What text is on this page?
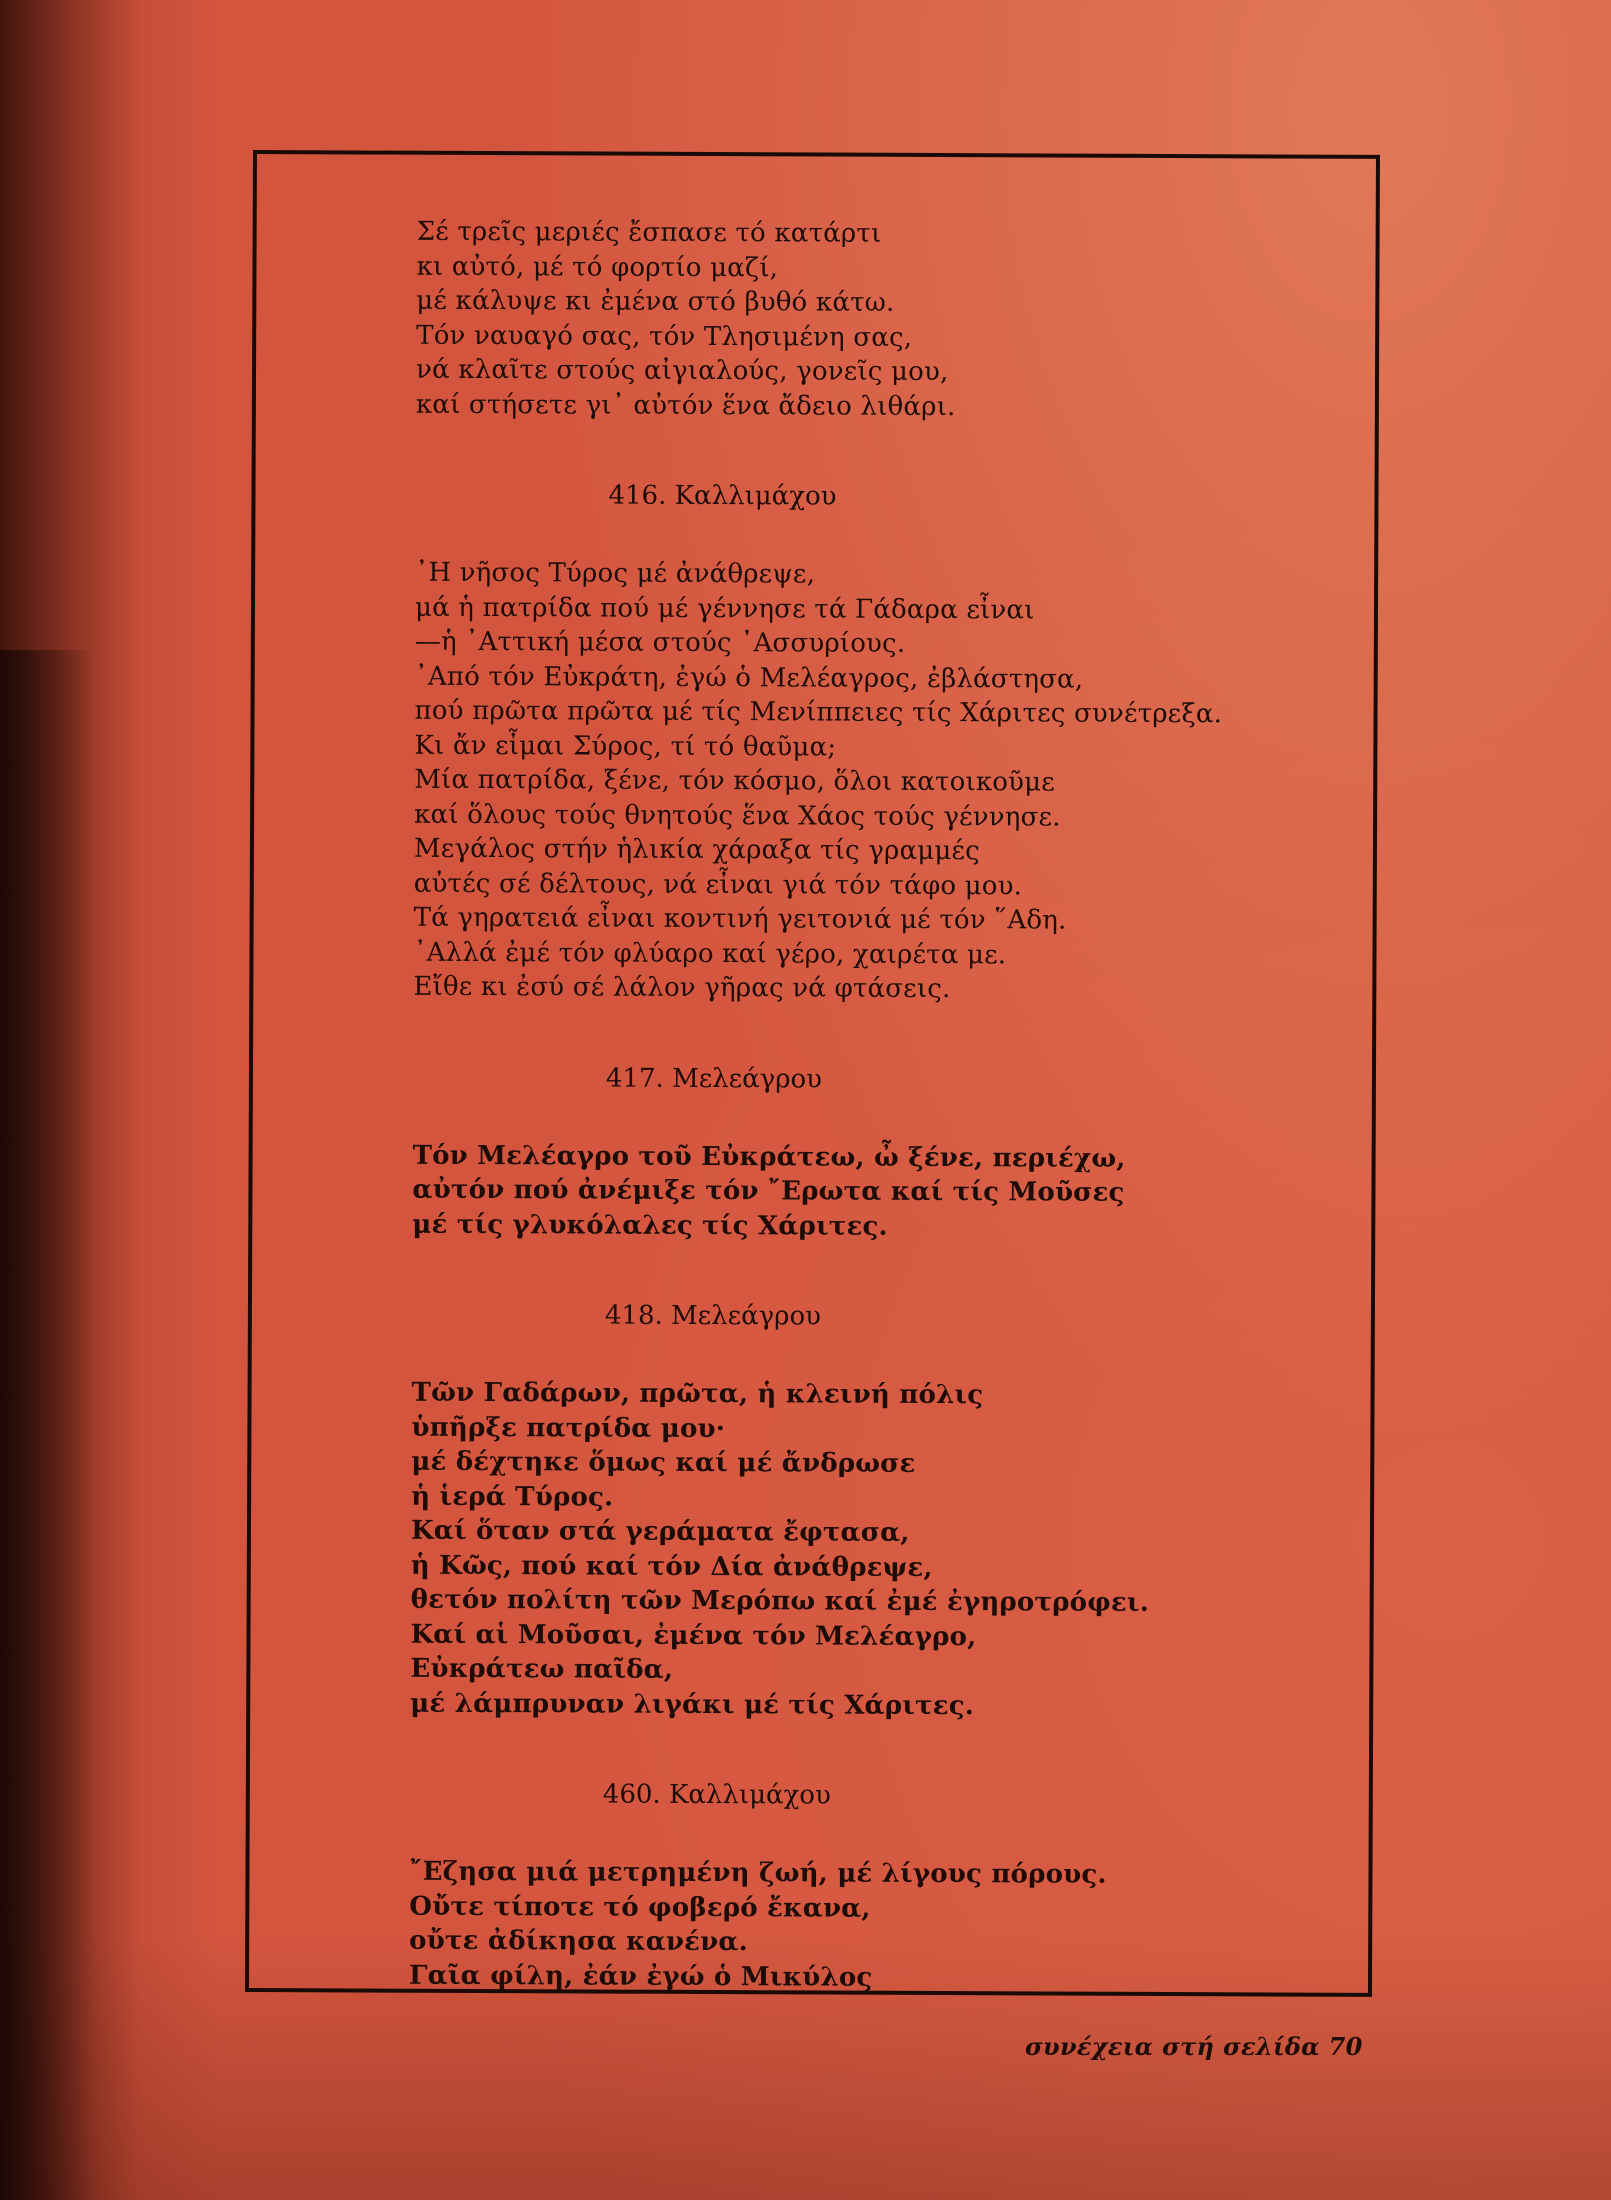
Σέ τρεῖς μεριές ἔσπασε τό κατάρτι
κι αὐτό, μέ τό φορτίο μαζί,
μέ κάλυψε κι ἐμένα στό βυθό κάτω.
Τόν ναυαγό σας, τόν Τλησιμένη σας,
νά κλαῖτε στούς αἰγιαλούς, γονεῖς μου,
καί στήσετε γι᾽ αὐτόν ἕνα ἄδειο λιθάρι.
416. Καλλιμάχου
᾽Η νῆσος Τύρος μέ ἀνάθρεψε,
μά ἡ πατρίδα πού μέ γέννησε τά Γάδαρα εἶναι
—ἡ ᾽Αττική μέσα στούς ᾽Ασσυρίους.
᾽Από τόν Εὐκράτη, ἐγώ ὁ Μελέαγρος, ἐβλάστησα,
πού πρῶτα πρῶτα μέ τίς Μενίππειες τίς Χάριτες συνέτρεξα.
Κι ἄν εἶμαι Σύρος, τί τό θαῦμα;
Μία πατρίδα, ξένε, τόν κόσμο, ὅλοι κατοικοῦμε
καί ὅλους τούς θνητούς ἕνα Χάος τούς γέννησε.
Μεγάλος στήν ἡλικία χάραξα τίς γραμμές
αὐτές σέ δέλτους, νά εἶναι γιά τόν τάφο μου.
Τά γηρατειά εἶναι κοντινή γειτονιά μέ τόν ῞Αδη.
᾽Αλλά ἐμέ τόν φλύαρο καί γέρο, χαιρέτα με.
Εἴθε κι ἐσύ σέ λάλον γῆρας νά φτάσεις.
417. Μελεάγρου
Τόν Μελέαγρο τοῦ Εὐκράτεω, ὦ ξένε, περιέχω,
αὐτόν πού ἀνέμιξε τόν ῎Ερωτα καί τίς Μοῦσες
μέ τίς γλυκόλαλες τίς Χάριτες.
418. Μελεάγρου
Τῶν Γαδάρων, πρῶτα, ἡ κλεινή πόλις
ὑπῆρξε πατρίδα μου·
μέ δέχτηκε ὅμως καί μέ ἄνδρωσε
ἡ ἱερά Τύρος.
Καί ὅταν στά γεράματα ἔφτασα,
ἡ Κῶς, πού καί τόν Δία ἀνάθρεψε,
θετόν πολίτη τῶν Μερόπω καί ἐμέ ἐγηροτρόφει.
Καί αἱ Μοῦσαι, ἐμένα τόν Μελέαγρο,
Εὐκράτεω παῖδα,
μέ λάμπρυναν λιγάκι μέ τίς Χάριτες.
460. Καλλιμάχου
῎Εζησα μιά μετρημένη ζωή, μέ λίγους πόρους.
Οὔτε τίποτε τό φοβερό ἔκανα,
οὔτε ἀδίκησα κανένα.
Γαῖα φίλη, ἐάν ἐγώ ὁ Μικύλος
συνέχεια στή σελίδα 70
